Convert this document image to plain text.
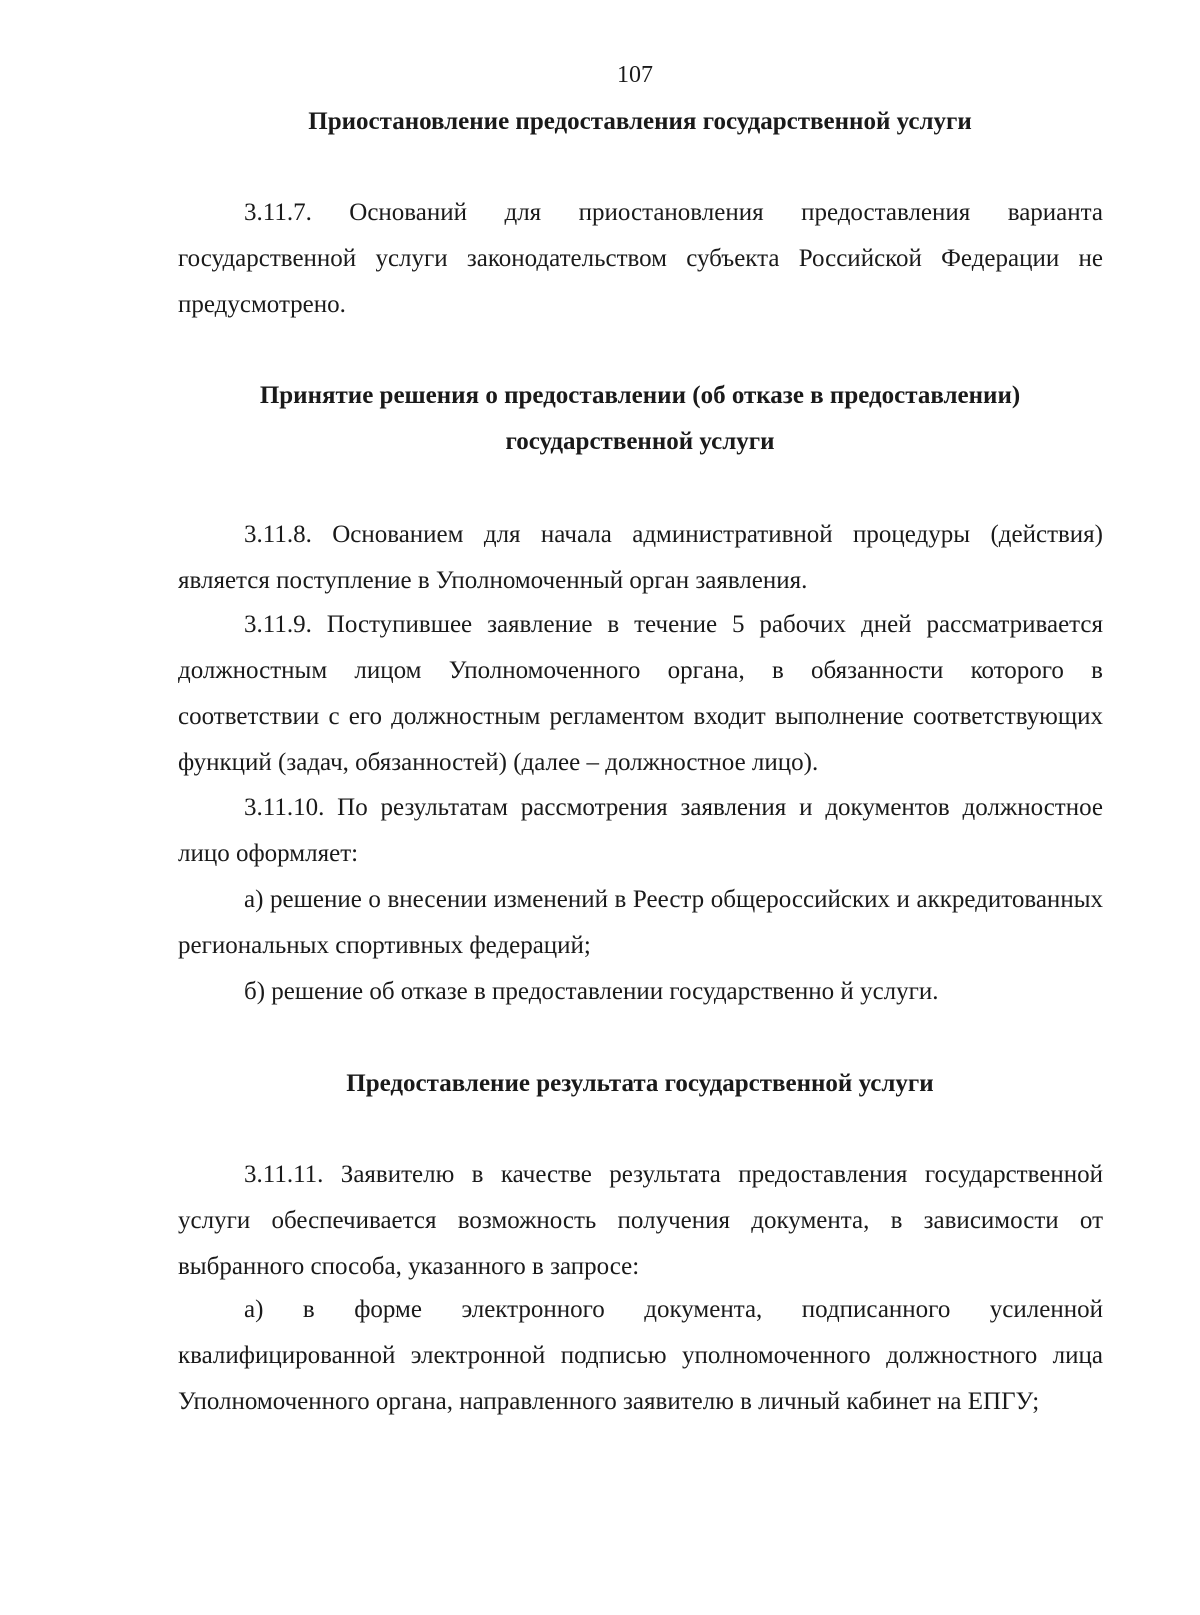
107
Приостановление предоставления государственной услуги
3.11.7. Оснований для приостановления предоставления варианта государственной услуги законодательством субъекта Российской Федерации не предусмотрено.
Принятие решения о предоставлении (об отказе в предоставлении)
государственной услуги
3.11.8. Основанием для начала административной процедуры (действия) является поступление в Уполномоченный орган заявления.
3.11.9. Поступившее заявление в течение 5 рабочих дней рассматривается должностным лицом Уполномоченного органа, в обязанности которого в соответствии с его должностным регламентом входит выполнение соответствующих функций (задач, обязанностей) (далее – должностное лицо).
3.11.10. По результатам рассмотрения заявления и документов должностное лицо оформляет:
а) решение о внесении изменений в Реестр общероссийских и аккредитованных региональных спортивных федераций;
б) решение об отказе в предоставлении государственно й услуги.
Предоставление результата государственной услуги
3.11.11. Заявителю в качестве результата предоставления государственной услуги обеспечивается возможность получения документа, в зависимости от выбранного способа, указанного в запросе:
а) в форме электронного документа, подписанного усиленной квалифицированной электронной подписью уполномоченного должностного лица Уполномоченного органа, направленного заявителю в личный кабинет на ЕПГУ;
